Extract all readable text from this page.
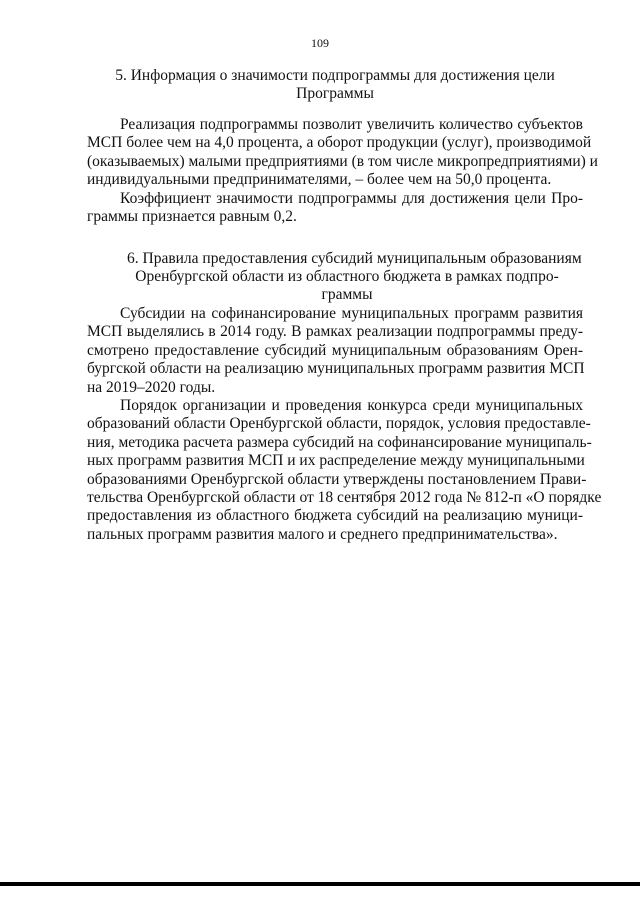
109
5. Информация о значимости подпрограммы для достижения цели
Программы
Реализация подпрограммы позволит увеличить количество субъектов
МСП более чем на 4,0 процента, а оборот продукции (услуг), производимой
(оказываемых) малыми предприятиями (в том числе микропредприятиями) и
индивидуальными предпринимателями, – более чем на 50,0 процента.
Коэффициент значимости подпрограммы для достижения цели Про-
граммы признается равным 0,2.
6. Правила предоставления субсидий муниципальным образованиям
Оренбургской области из областного бюджета в рамках подпро-
граммы
Субсидии на софинансирование муниципальных программ развития
МСП выделялись в 2014 году. В рамках реализации подпрограммы преду-
смотрено предоставление субсидий муниципальным образованиям Орен-
бургской области на реализацию муниципальных программ развития МСП
на 2019–2020 годы.
Порядок организации и проведения конкурса среди муниципальных
образований области Оренбургской области, порядок, условия предоставле-
ния, методика расчета размера субсидий на софинансирование муниципаль-
ных программ развития МСП и их распределение между муниципальными
образованиями Оренбургской области утверждены постановлением Прави-
тельства Оренбургской области от 18 сентября 2012 года № 812-п «О порядке
предоставления из областного бюджета субсидий на реализацию муници-
пальных программ развития малого и среднего предпринимательства».
